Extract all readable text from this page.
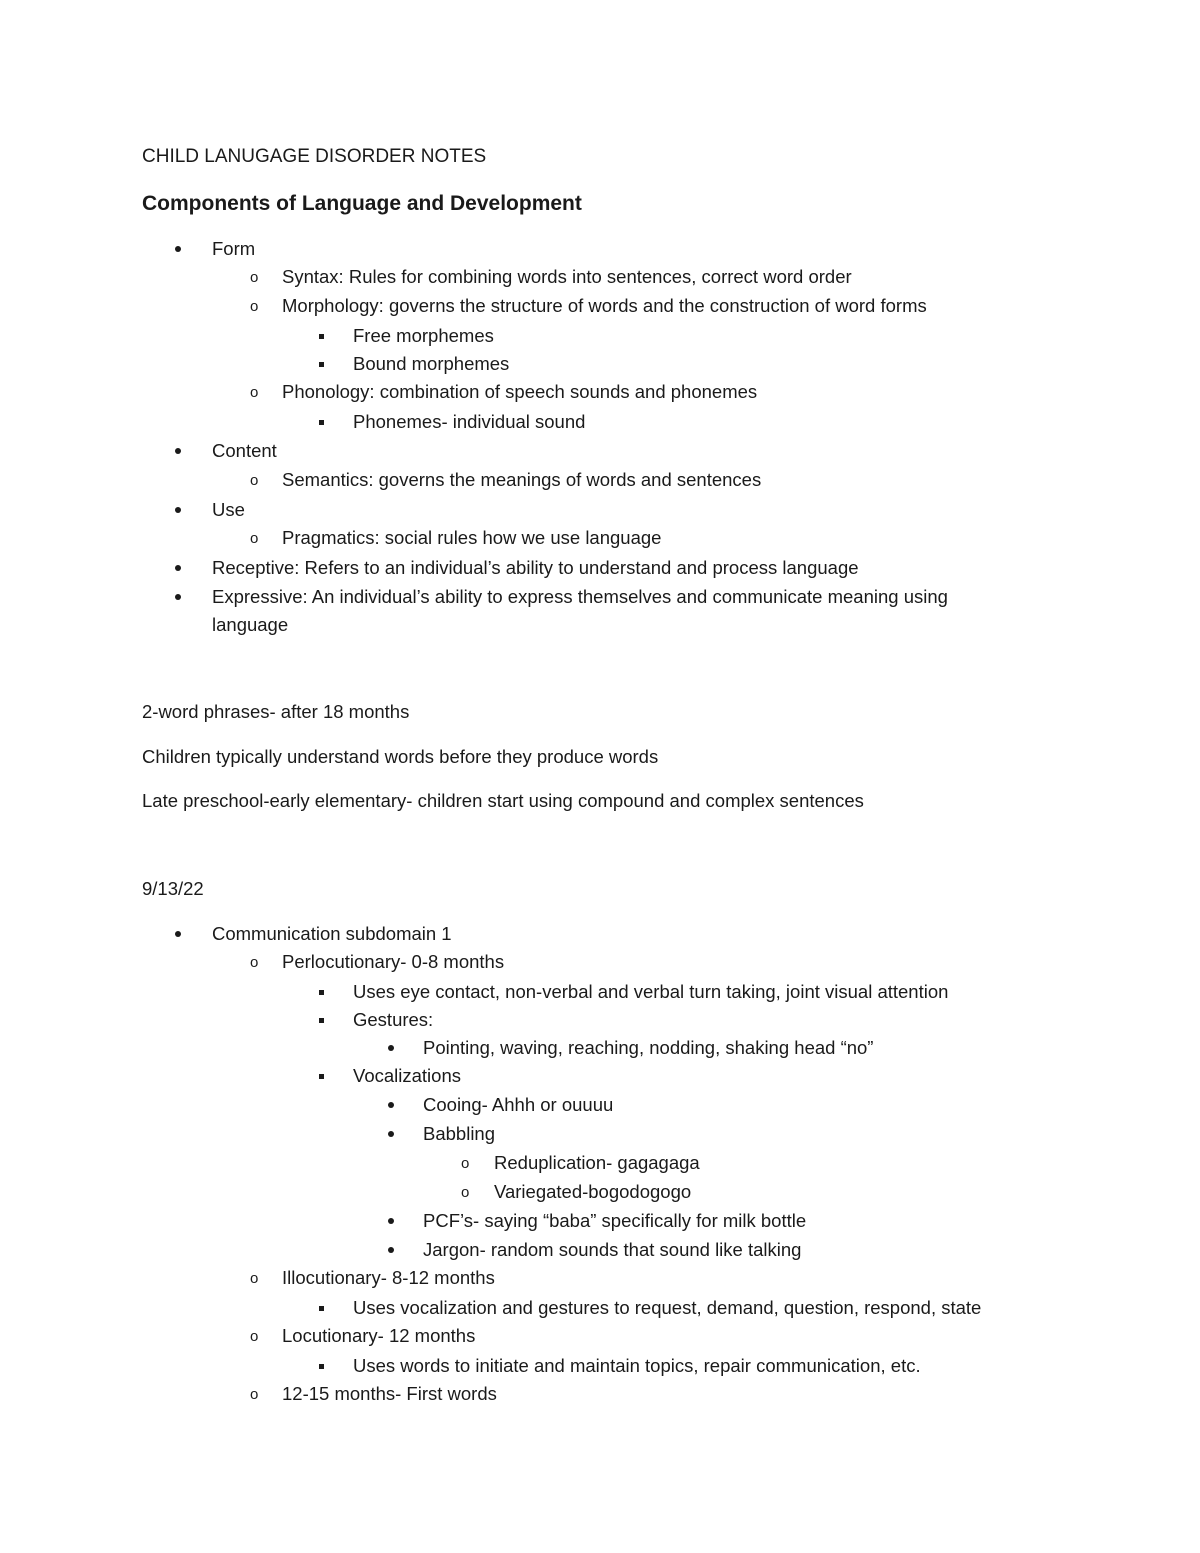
CHILD LANUGAGE DISORDER NOTES
Components of Language and Development
Form
o Syntax: Rules for combining words into sentences, correct word order
o Morphology: governs the structure of words and the construction of word forms
Free morphemes
Bound morphemes
o Phonology: combination of speech sounds and phonemes
Phonemes- individual sound
Content
o Semantics: governs the meanings of words and sentences
Use
o Pragmatics: social rules how we use language
Receptive: Refers to an individual’s ability to understand and process language
Expressive: An individual’s ability to express themselves and communicate meaning using
language
2-word phrases- after 18 months
Children typically understand words before they produce words
Late preschool-early elementary- children start using compound and complex sentences
9/13/22
Communication subdomain 1
o Perlocutionary- 0-8 months
Uses eye contact, non-verbal and verbal turn taking, joint visual attention
Gestures:
Pointing, waving, reaching, nodding, shaking head “no”
Vocalizations
Cooing- Ahhh or ouuuu
Babbling
o Reduplication- gagagaga
o Variegated-bogodogogo
PCF’s- saying “baba” specifically for milk bottle
Jargon- random sounds that sound like talking
o Illocutionary- 8-12 months
Uses vocalization and gestures to request, demand, question, respond, state
o Locutionary- 12 months
Uses words to initiate and maintain topics, repair communication, etc.
o 12-15 months- First words
